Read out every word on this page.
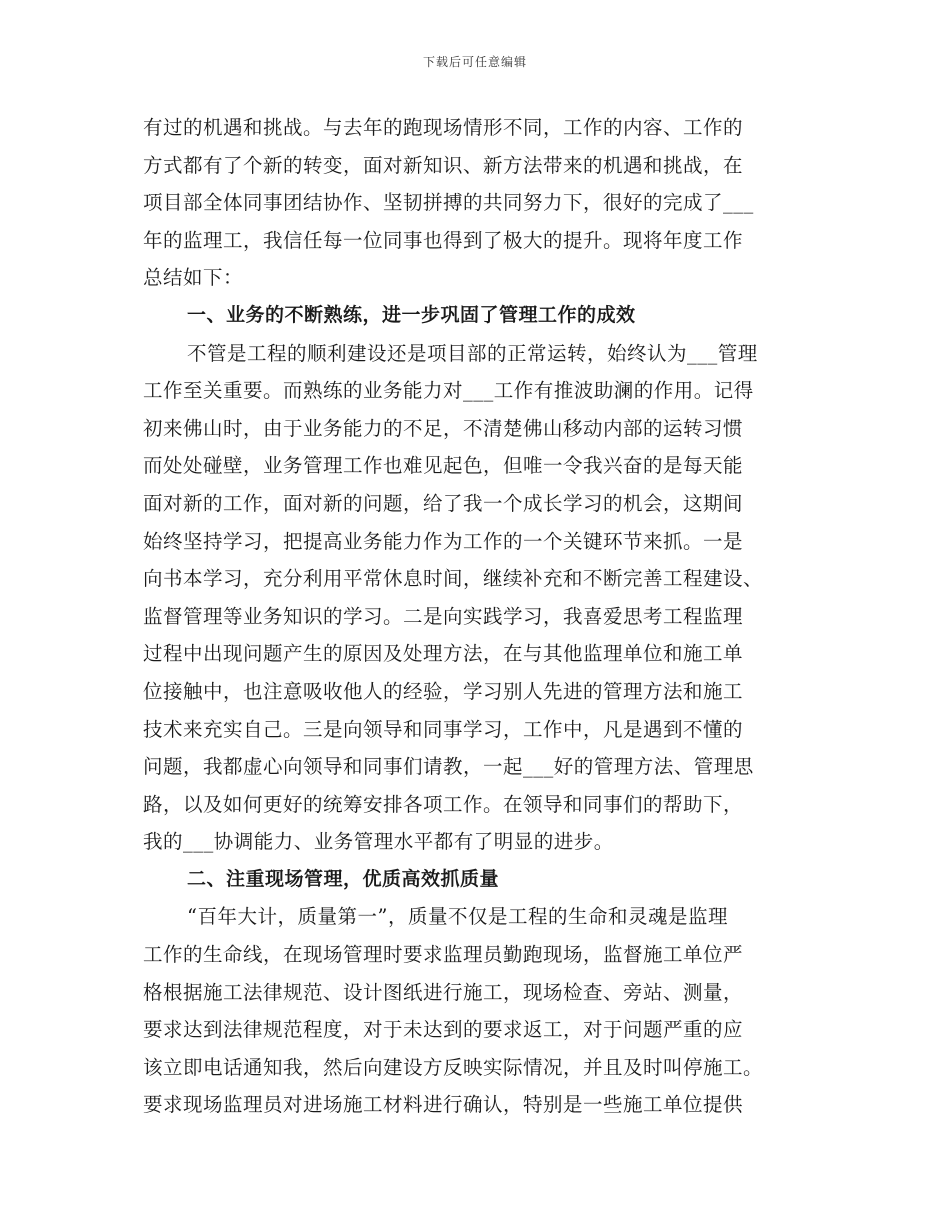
下载后可任意编辑
有过的机遇和挑战。与去年的跑现场情形不同，工作的内容、工作的
方式都有了个新的转变，面对新知识、新方法带来的机遇和挑战，在
项目部全体同事团结协作、坚韧拼搏的共同努力下，很好的完成了___
年的监理工，我信任每一位同事也得到了极大的提升。现将年度工作
总结如下：
一、业务的不断熟练，进一步巩固了管理工作的成效
不管是工程的顺利建设还是项目部的正常运转，始终认为___管理
工作至关重要。而熟练的业务能力对___工作有推波助澜的作用。记得
初来佛山时，由于业务能力的不足，不清楚佛山移动内部的运转习惯
而处处碰壁，业务管理工作也难见起色，但唯一令我兴奋的是每天能
面对新的工作，面对新的问题，给了我一个成长学习的机会，这期间
始终坚持学习，把提高业务能力作为工作的一个关键环节来抓。一是
向书本学习，充分利用平常休息时间，继续补充和不断完善工程建设、
监督管理等业务知识的学习。二是向实践学习，我喜爱思考工程监理
过程中出现问题产生的原因及处理方法，在与其他监理单位和施工单
位接触中，也注意吸收他人的经验，学习别人先进的管理方法和施工
技术来充实自己。三是向领导和同事学习，工作中，凡是遇到不懂的
问题，我都虚心向领导和同事们请教，一起___好的管理方法、管理思
路，以及如何更好的统筹安排各项工作。在领导和同事们的帮助下，
我的___协调能力、业务管理水平都有了明显的进步。
二、注重现场管理，优质高效抓质量
“百年大计，质量第一”，质量不仅是工程的生命和灵魂是监理
工作的生命线，在现场管理时要求监理员勤跑现场，监督施工单位严
格根据施工法律规范、设计图纸进行施工，现场检查、旁站、测量，
要求达到法律规范程度，对于未达到的要求返工，对于问题严重的应
该立即电话通知我，然后向建设方反映实际情况，并且及时叫停施工。
要求现场监理员对进场施工材料进行确认，特别是一些施工单位提供
